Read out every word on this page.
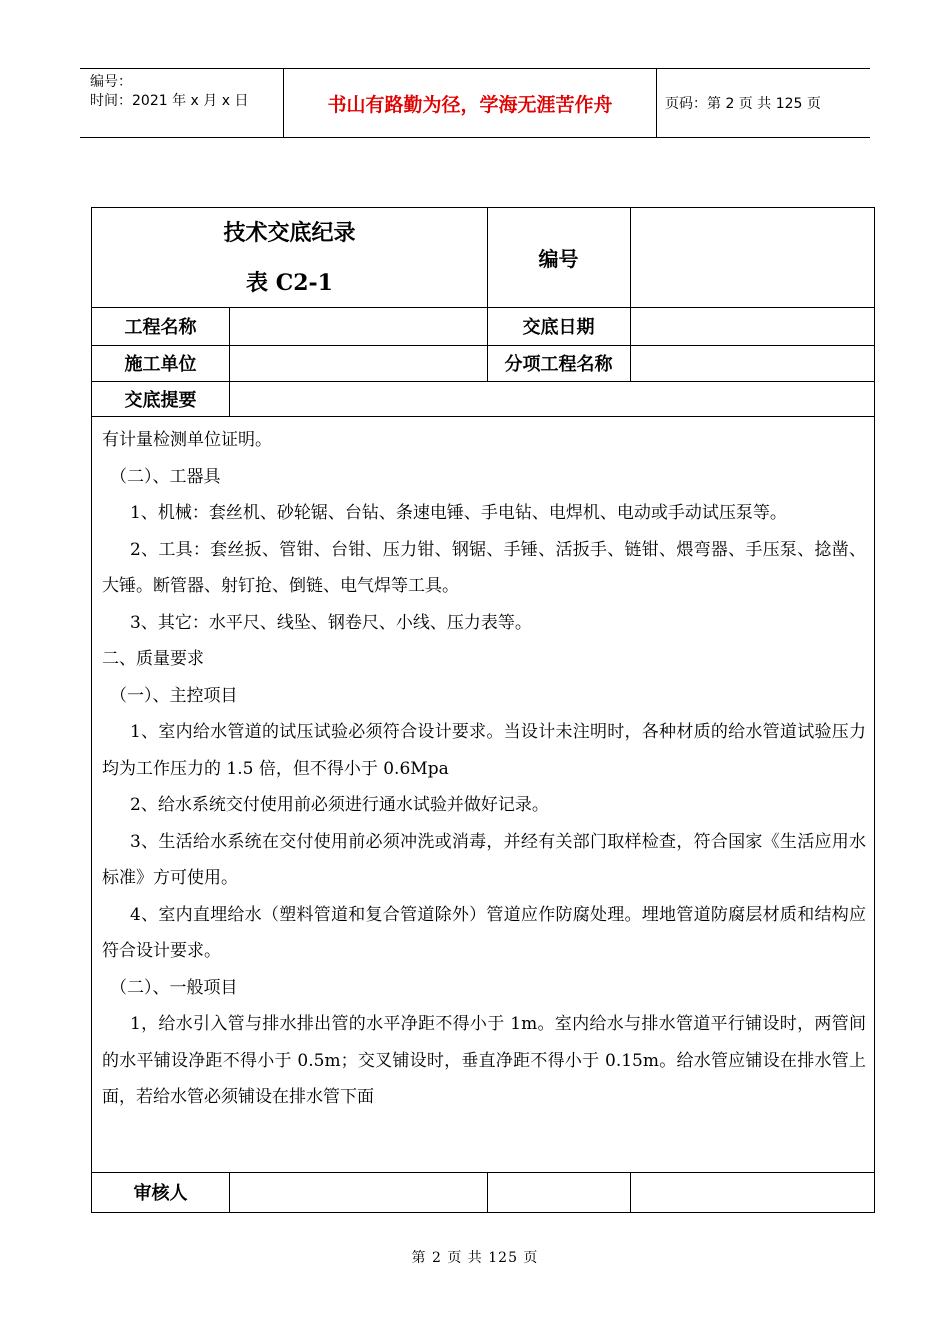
编号：
时间：2021 年 x 月 x 日	书山有路勤为径，学海无涯苦作舟	页码：第 2 页 共 125 页
技术交底纪录
表 C2-1
编号
工程名称	交底日期
施工单位	分项工程名称
交底提要

有计量检测单位证明。

（二）、工器具

1、机械：套丝机、砂轮锯、台钻、条速电锤、手电钻、电焊机、电动或手动试压泵等。

2、工具：套丝扳、管钳、台钳、压力钳、钢锯、手锤、活扳手、链钳、煨弯器、手压泵、捻凿、大锤。断管器、射钉抢、倒链、电气焊等工具。

3、其它：水平尺、线坠、钢卷尺、小线、压力表等。

二、质量要求

（一）、主控项目

1、室内给水管道的试压试验必须符合设计要求。当设计未注明时，各种材质的给水管道试验压力均为工作压力的 1.5 倍，但不得小于 0.6Mpa

2、给水系统交付使用前必须进行通水试验并做好记录。

3、生活给水系统在交付使用前必须冲洗或消毒，并经有关部门取样检查，符合国家《生活应用水标准》方可使用。

4、室内直埋给水（塑料管道和复合管道除外）管道应作防腐处理。埋地管道防腐层材质和结构应符合设计要求。

（二）、一般项目

1，给水引入管与排水排出管的水平净距不得小于 1m。室内给水与排水管道平行铺设时，两管间的水平铺设净距不得小于 0.5m；交叉铺设时，垂直净距不得小于 0.15m。给水管应铺设在排水管上面，若给水管必须铺设在排水管下面

审核人
第 2 页 共 125 页
